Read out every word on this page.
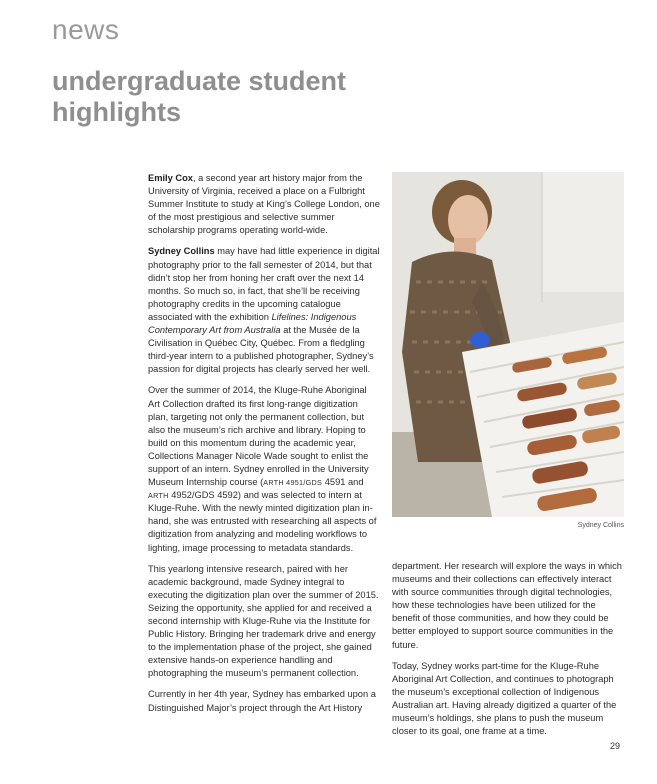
news
undergraduate student highlights

Emily Cox, a second year art history major from the University of Virginia, received a place on a Fulbright Summer Institute to study at King’s College London, one of the most prestigious and selective summer scholarship programs operating world-wide.

Sydney Collins may have had little experience in digital photography prior to the fall semester of 2014, but that didn’t stop her from honing her craft over the next 14 months. So much so, in fact, that she’ll be receiving photography credits in the upcoming catalogue associated with the exhibition Lifelines: Indigenous Contemporary Art from Australia at the Musée de la Civilisation in Québec City, Québec. From a fledgling third-year intern to a published photographer, Sydney’s passion for digital projects has clearly served her well.

Over the summer of 2014, the Kluge-Ruhe Aboriginal Art Collection drafted its first long-range digitization plan, targeting not only the permanent collection, but also the museum’s rich archive and library. Hoping to build on this momentum during the academic year, Collections Manager Nicole Wade sought to enlist the support of an intern. Sydney enrolled in the University Museum Internship course (ARTH 4951/GDS 4591 and ARTH 4952/GDS 4592) and was selected to intern at Kluge-Ruhe. With the newly minted digitization plan in-hand, she was entrusted with researching all aspects of digitization from analyzing and modeling workflows to lighting, image processing to metadata standards.

This yearlong intensive research, paired with her academic background, made Sydney integral to executing the digitization plan over the summer of 2015. Seizing the opportunity, she applied for and received a second internship with Kluge-Ruhe via the Institute for Public History. Bringing her trademark drive and energy to the implementation phase of the project, she gained extensive hands-on experience handling and photographing the museum’s permanent collection.

Currently in her 4th year, Sydney has embarked upon a Distinguished Major’s project through the Art History

Sydney Collins

department. Her research will explore the ways in which museums and their collections can effectively interact with source communities through digital technologies, how these technologies have been utilized for the benefit of those communities, and how they could be better employed to support source communities in the future.

Today, Sydney works part-time for the Kluge-Ruhe Aboriginal Art Collection, and continues to photograph the museum’s exceptional collection of Indigenous Australian art. Having already digitized a quarter of the museum’s holdings, she plans to push the museum closer to its goal, one frame at a time.

29
